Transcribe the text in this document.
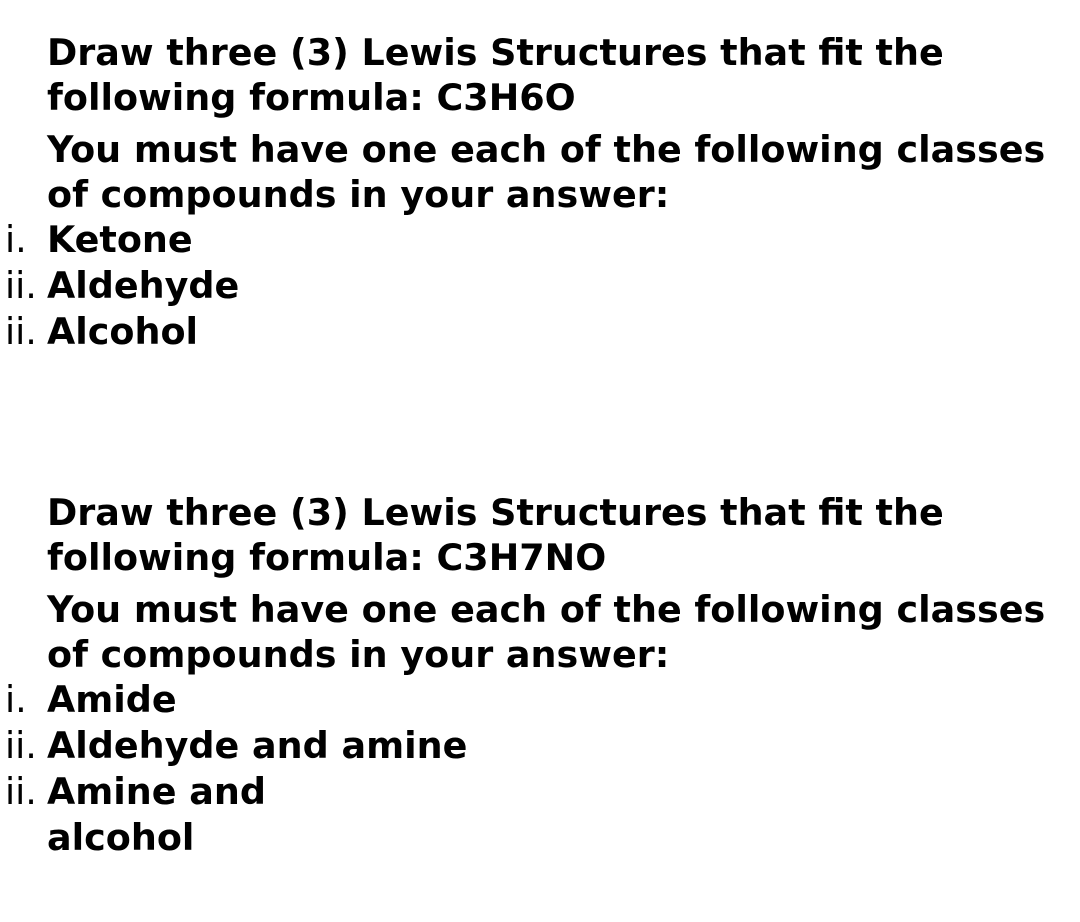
Draw three (3) Lewis Structures that fit the
following formula: C3H6O

You must have one each of the following classes
of compounds in your answer:

i. Ketone
ii. Aldehyde
ii. Alcohol

Draw three (3) Lewis Structures that fit the
following formula: C3H7NO

You must have one each of the following classes
of compounds in your answer:

i. Amide
ii. Aldehyde and amine
ii. Amine and alcohol
